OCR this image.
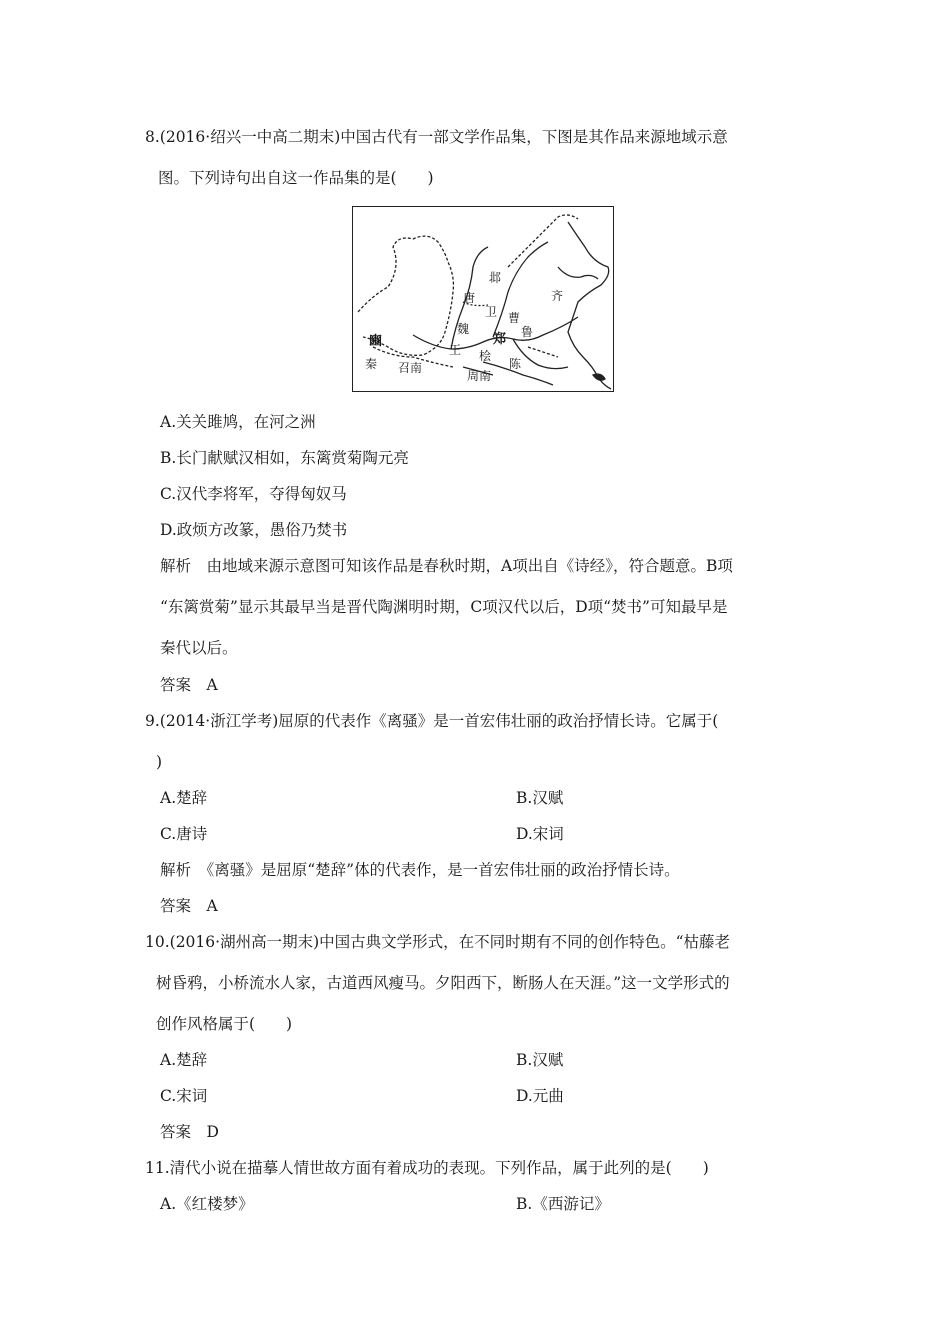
8.(2016·绍兴一中高二期末)中国古代有一部文学作品集，下图是其作品来源地域示意
图。下列诗句出自这一作品集的是(　　)
邶
齐
唐
卫 曹
魏	鲁
豳
王
郑
桧
秦 召南
周南
陈
A.关关雎鸠，在河之洲
B.长门献赋汉相如，东篱赏菊陶元亮
C.汉代李将军，夺得匈奴马
D.政烦方改篆，愚俗乃焚书
解析　由地域来源示意图可知该作品是春秋时期，A项出自《诗经》，符合题意。B项
“东篱赏菊”显示其最早当是晋代陶渊明时期，C项汉代以后，D项“焚书”可知最早是
秦代以后。
答案　A
9.(2014·浙江学考)屈原的代表作《离骚》是一首宏伟壮丽的政治抒情长诗。它属于(
)
A.楚辞	B.汉赋
C.唐诗	D.宋词
解析　《离骚》是屈原“楚辞”体的代表作，是一首宏伟壮丽的政治抒情长诗。
答案　A
10.(2016·湖州高一期末)中国古典文学形式，在不同时期有不同的创作特色。“枯藤老
树昏鸦，小桥流水人家，古道西风瘦马。夕阳西下，断肠人在天涯。”这一文学形式的
创作风格属于(　　)
A.楚辞	B.汉赋
C.宋词	D.元曲
答案　D
11.清代小说在描摹人情世故方面有着成功的表现。下列作品，属于此列的是(　　)
A.《红楼梦》	B.《西游记》
